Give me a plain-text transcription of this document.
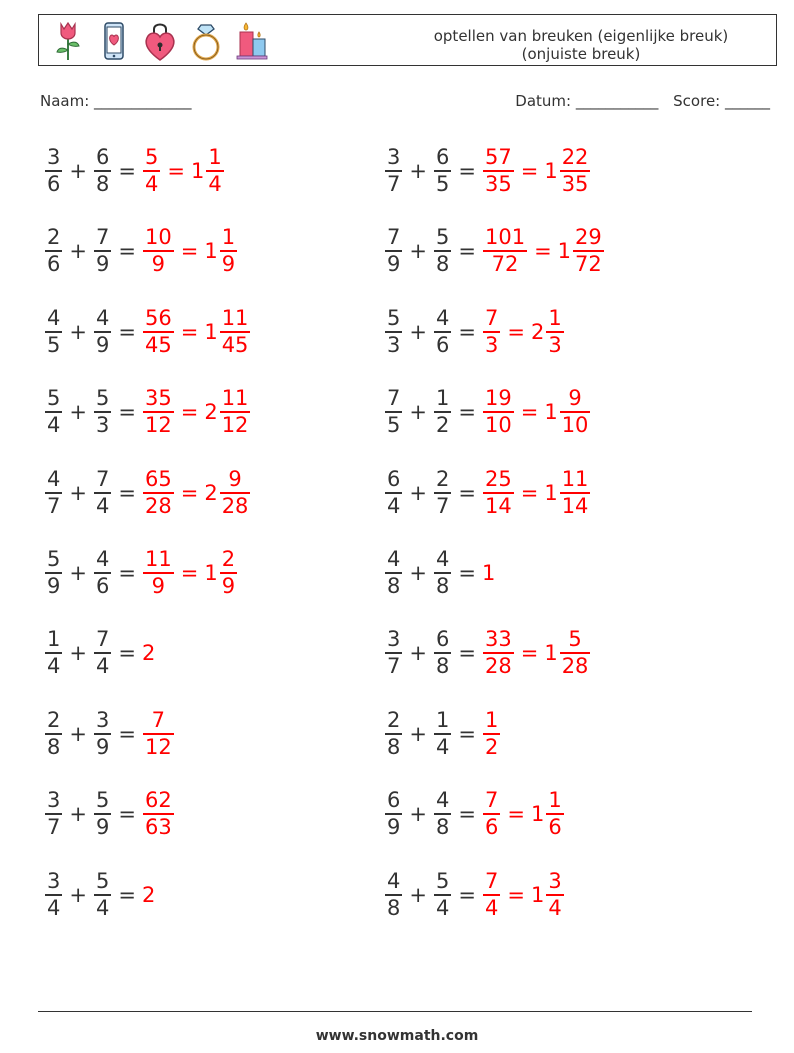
optellen van breuken (eigenlijke breuk)
(onjuiste breuk)
Naam: _____________	Datum: ___________ Score: ______
$\frac{3}{6} + \frac{6}{8} = \frac{5}{4} = 1 \frac{1}{4}$	$\frac{3}{7} + \frac{6}{5} = \frac{57}{35} = 1 \frac{22}{35}$
$\frac{2}{6} + \frac{7}{9} = \frac{10}{9} = 1 \frac{1}{9}$	$\frac{7}{9} + \frac{5}{8} = \frac{101}{72} = 1 \frac{29}{72}$
$\frac{4}{5} + \frac{4}{9} = \frac{56}{45} = 1 \frac{11}{45}$	$\frac{5}{3} + \frac{4}{6} = \frac{7}{3} = 2 \frac{1}{3}$
$\frac{5}{4} + \frac{5}{3} = \frac{35}{12} = 2 \frac{11}{12}$	$\frac{7}{5} + \frac{1}{2} = \frac{19}{10} = 1 \frac{9}{10}$
$\frac{4}{7} + \frac{7}{4} = \frac{65}{28} = 2 \frac{9}{28}$	$\frac{6}{4} + \frac{2}{7} = \frac{25}{14} = 1 \frac{11}{14}$
$\frac{5}{9} + \frac{4}{6} = \frac{11}{9} = 1 \frac{2}{9}$	$\frac{4}{8} + \frac{4}{8} = 1$
$\frac{1}{4} + \frac{7}{4} = 2$	$\frac{3}{7} + \frac{6}{8} = \frac{33}{28} = 1 \frac{5}{28}$
$\frac{2}{8} + \frac{3}{9} = \frac{7}{12}$	$\frac{2}{8} + \frac{1}{4} = \frac{1}{2}$
$\frac{3}{7} + \frac{5}{9} = \frac{62}{63}$	$\frac{6}{9} + \frac{4}{8} = \frac{7}{6} = 1 \frac{1}{6}$
$\frac{3}{4} + \frac{5}{4} = 2$	$\frac{4}{8} + \frac{5}{4} = \frac{7}{4} = 1 \frac{3}{4}$
www.snowmath.com
